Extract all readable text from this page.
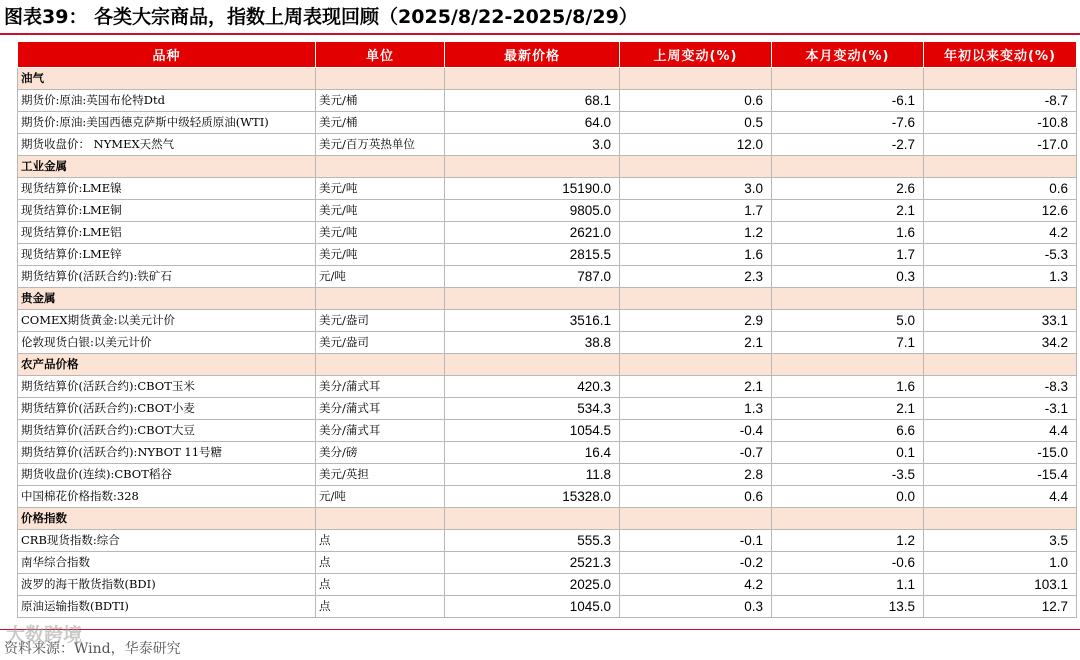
图表39： 各类大宗商品，指数上周表现回顾（2025/8/22-2025/8/29）
品种	单位	最新价格	上周变动(%)	本月变动(%)	年初以来变动(%)
油气					
期货价:原油:英国布伦特Dtd	美元/桶	68.1	0.6	-6.1	-8.7
期货价:原油:美国西德克萨斯中级轻质原油(WTI)	美元/桶	64.0	0.5	-7.6	-10.8
期货收盘价： NYMEX天然气	美元/百万英热单位	3.0	12.0	-2.7	-17.0
工业金属					
现货结算价:LME镍	美元/吨	15190.0	3.0	2.6	0.6
现货结算价:LME铜	美元/吨	9805.0	1.7	2.1	12.6
现货结算价:LME铝	美元/吨	2621.0	1.2	1.6	4.2
现货结算价:LME锌	美元/吨	2815.5	1.6	1.7	-5.3
期货结算价(活跃合约):铁矿石	元/吨	787.0	2.3	0.3	1.3
贵金属					
COMEX期货黄金:以美元计价	美元/盎司	3516.1	2.9	5.0	33.1
伦敦现货白银:以美元计价	美元/盎司	38.8	2.1	7.1	34.2
农产品价格					
期货结算价(活跃合约):CBOT玉米	美分/蒲式耳	420.3	2.1	1.6	-8.3
期货结算价(活跃合约):CBOT小麦	美分/蒲式耳	534.3	1.3	2.1	-3.1
期货结算价(活跃合约):CBOT大豆	美分/蒲式耳	1054.5	-0.4	6.6	4.4
期货结算价(活跃合约):NYBOT 11号糖	美分/磅	16.4	-0.7	0.1	-15.0
期货收盘价(连续):CBOT稻谷	美元/英担	11.8	2.8	-3.5	-15.4
中国棉花价格指数:328	元/吨	15328.0	0.6	0.0	4.4
价格指数					
CRB现货指数:综合	点	555.3	-0.1	1.2	3.5
南华综合指数	点	2521.3	-0.2	-0.6	1.0
波罗的海干散货指数(BDI)	点	2025.0	4.2	1.1	103.1
原油运输指数(BDTI)	点	1045.0	0.3	13.5	12.7
大数跨境
资料来源：Wind，华泰研究
